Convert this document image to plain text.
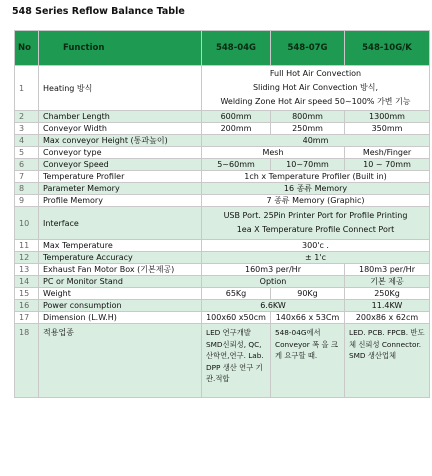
548 Series Reflow Balance Table
No	Function	548-04G	548-07G	548-10G/K
1	Heating 방식	Full Hot Air Convection
Sliding Hot Air Convection 방식,
Welding Zone Hot Air speed 50~100% 가변 기능		

2	Chamber Length	600mm	800mm	1300mm
3	Conveyor Width	200mm	250mm	350mm
4	Max conveyor Height (통과높이)	40mm		
5	Conveyor type	Mesh		Mesh/Finger
6	Conveyor Speed	5~60mm	10~70mm	10 ~ 70mm
7	Temperature Profiler	1ch x Temperature Profiler (Built in)		
8	Parameter Memory	16 종류 Memory		
9	Profile Memory	7 종류 Memory (Graphic)		
10	Interface	USB Port. 25Pin Printer Port for Profile Printing
1ea X Temperature Profile Connect Port		

11	Max Temperature	300'c .		
12	Temperature Accuracy	± 1'c		
13	Exhaust Fan Motor Box (기본제공)	160m3 per/Hr		180m3 per/Hr
14	PC or Monitor Stand	Option		기본 제공
15	Weight	65Kg	90Kg	250Kg
16	Power consumption	6.6KW		11.4KW
17	Dimension (L.W.H)	100x60 x50cm	140x66 x 53Cm	200x86 x 62cm
18	적용업종	LED 연구개발 SMD신뢰성, QC,산학연,연구. Lab. DPP 생산 연구 기관.적합	548-04G에서 Conveyor 폭 을 크게 요구할 때.	LED. PCB. FPCB. 반도체 신뢰성 Connector. SMD 생산업체
